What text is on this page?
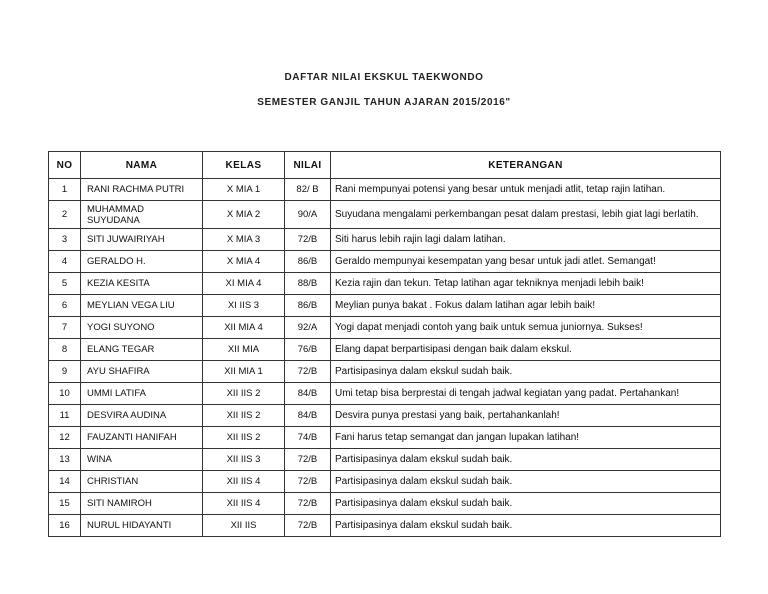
DAFTAR NILAI EKSKUL TAEKWONDO
SEMESTER GANJIL TAHUN AJARAN 2015/2016"
NO	NAMA	KELAS	NILAI	KETERANGAN
1	RANI RACHMA PUTRI	X MIA 1	82/ B	Rani mempunyai potensi yang besar untuk menjadi atlit, tetap rajin latihan.
2	MUHAMMAD SUYUDANA	X MIA 2	90/A	Suyudana mengalami perkembangan pesat dalam prestasi, lebih giat lagi berlatih.
3	SITI JUWAIRIYAH	X MIA 3	72/B	Siti harus lebih rajin lagi dalam latihan.
4	GERALDO H.	X MIA 4	86/B	Geraldo mempunyai kesempatan yang besar untuk jadi atlet. Semangat!
5	KEZIA KESITA	XI MIA 4	88/B	Kezia rajin dan tekun. Tetap latihan agar tekniknya menjadi lebih baik!
6	MEYLIAN VEGA LIU	XI IIS 3	86/B	Meylian punya bakat . Fokus dalam latihan agar lebih baik!
7	YOGI SUYONO	XII MIA 4	92/A	Yogi dapat menjadi contoh yang baik untuk semua juniornya. Sukses!
8	ELANG TEGAR	XII MIA	76/B	Elang dapat berpartisipasi dengan baik dalam ekskul.
9	AYU SHAFIRA	XII MIA 1	72/B	Partisipasinya dalam ekskul sudah baik.
10	UMMI LATIFA	XII IIS 2	84/B	Umi tetap bisa berprestai di tengah jadwal kegiatan yang padat. Pertahankan!
11	DESVIRA AUDINA	XII IIS 2	84/B	Desvira punya prestasi yang baik, pertahankanlah!
12	FAUZANTI HANIFAH	XII IIS 2	74/B	Fani harus tetap semangat dan jangan lupakan latihan!
13	WINA	XII IIS 3	72/B	Partisipasinya dalam ekskul sudah baik.
14	CHRISTIAN	XII IIS 4	72/B	Partisipasinya dalam ekskul sudah baik.
15	SITI NAMIROH	XII IIS 4	72/B	Partisipasinya dalam ekskul sudah baik.
16	NURUL HIDAYANTI	XII IIS	72/B	Partisipasinya dalam ekskul sudah baik.
